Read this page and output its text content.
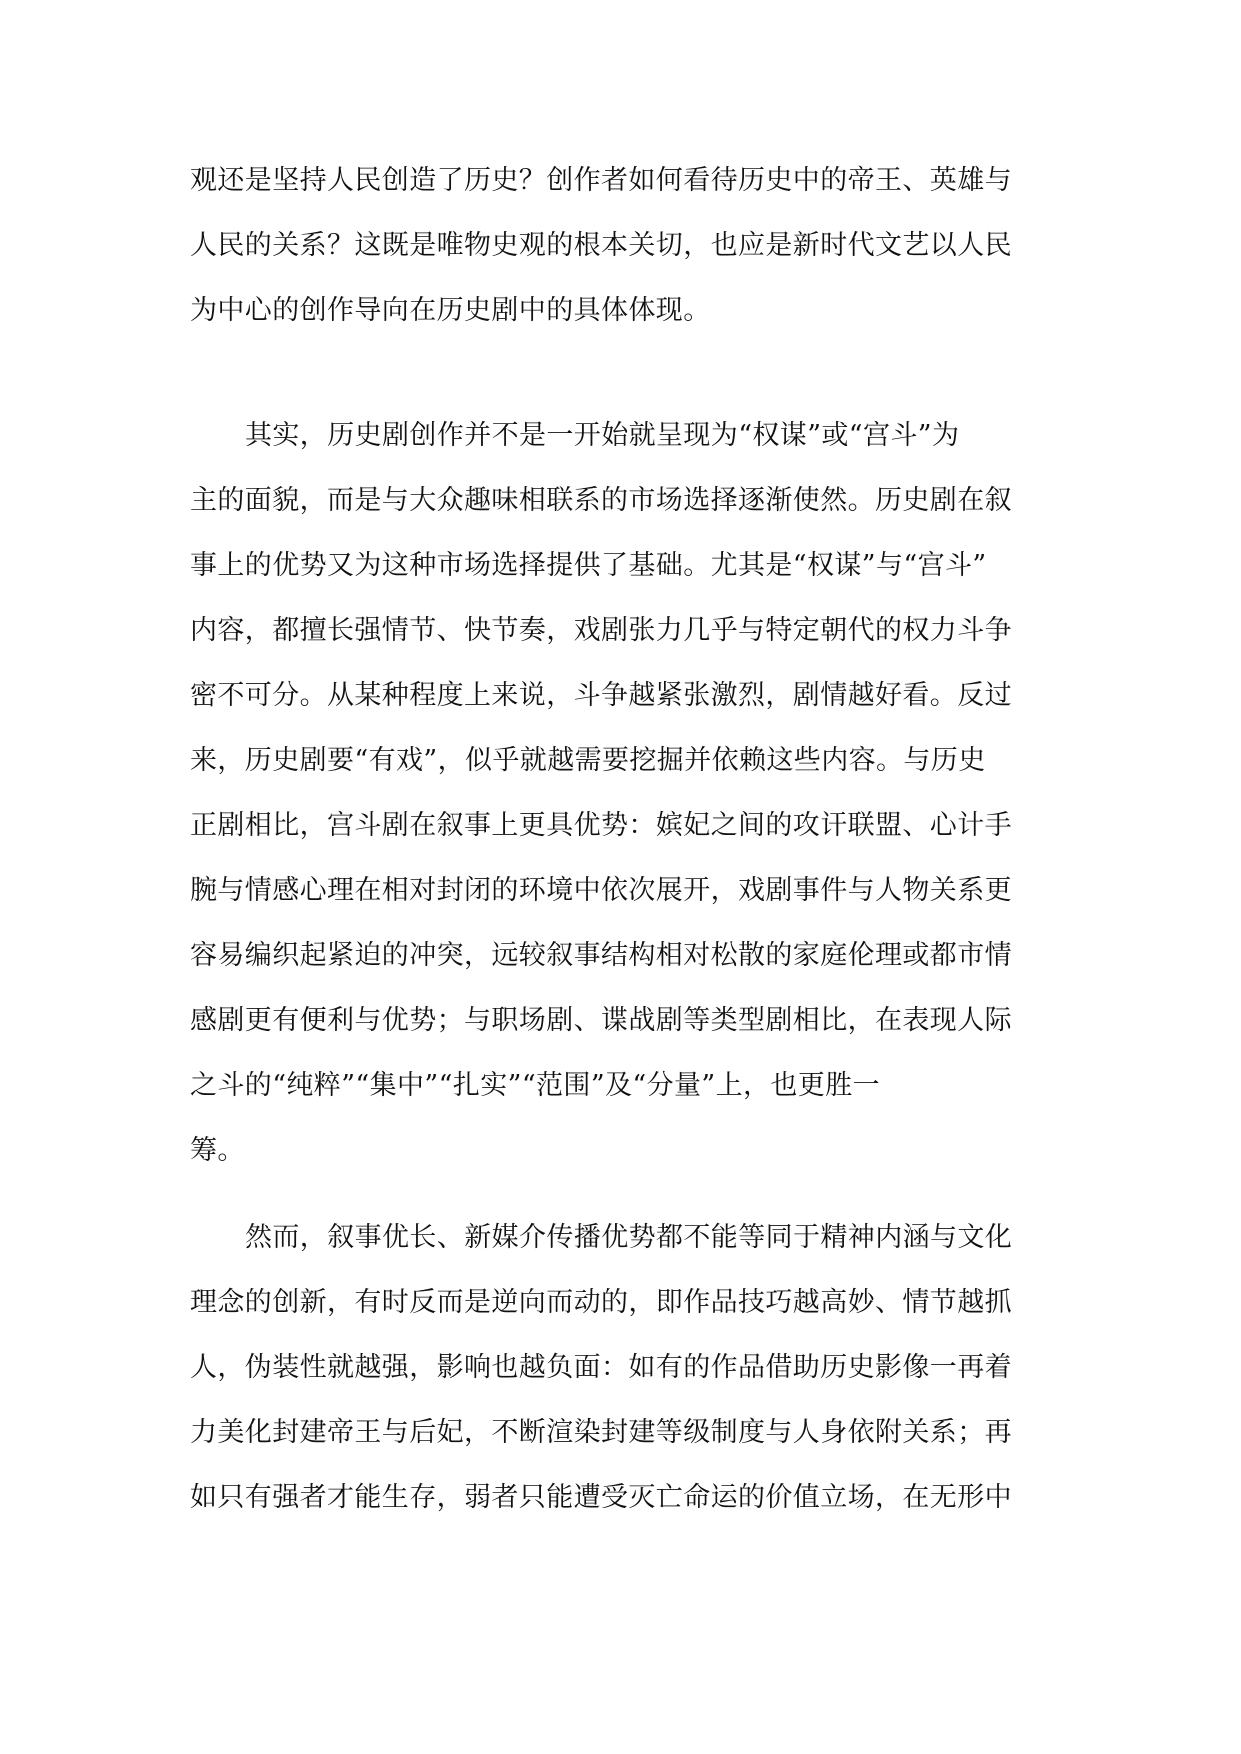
观还是坚持人民创造了历史？创作者如何看待历史中的帝王、英雄与
人民的关系？这既是唯物史观的根本关切，也应是新时代文艺以人民
为中心的创作导向在历史剧中的具体体现。
其实，历史剧创作并不是一开始就呈现为“权谋”或“宫斗”为
主的面貌，而是与大众趣味相联系的市场选择逐渐使然。历史剧在叙
事上的优势又为这种市场选择提供了基础。尤其是“权谋”与“宫斗”
内容，都擅长强情节、快节奏，戏剧张力几乎与特定朝代的权力斗争
密不可分。从某种程度上来说，斗争越紧张激烈，剧情越好看。反过
来，历史剧要“有戏”，似乎就越需要挖掘并依赖这些内容。与历史
正剧相比，宫斗剧在叙事上更具优势：嫔妃之间的攻讦联盟、心计手
腕与情感心理在相对封闭的环境中依次展开，戏剧事件与人物关系更
容易编织起紧迫的冲突，远较叙事结构相对松散的家庭伦理或都市情
感剧更有便利与优势；与职场剧、谍战剧等类型剧相比，在表现人际
之斗的“纯粹”“集中”“扎实”“范围”及“分量”上，也更胜一
筹。
然而，叙事优长、新媒介传播优势都不能等同于精神内涵与文化
理念的创新，有时反而是逆向而动的，即作品技巧越高妙、情节越抓
人，伪装性就越强，影响也越负面：如有的作品借助历史影像一再着
力美化封建帝王与后妃，不断渲染封建等级制度与人身依附关系；再
如只有强者才能生存，弱者只能遭受灭亡命运的价值立场，在无形中
